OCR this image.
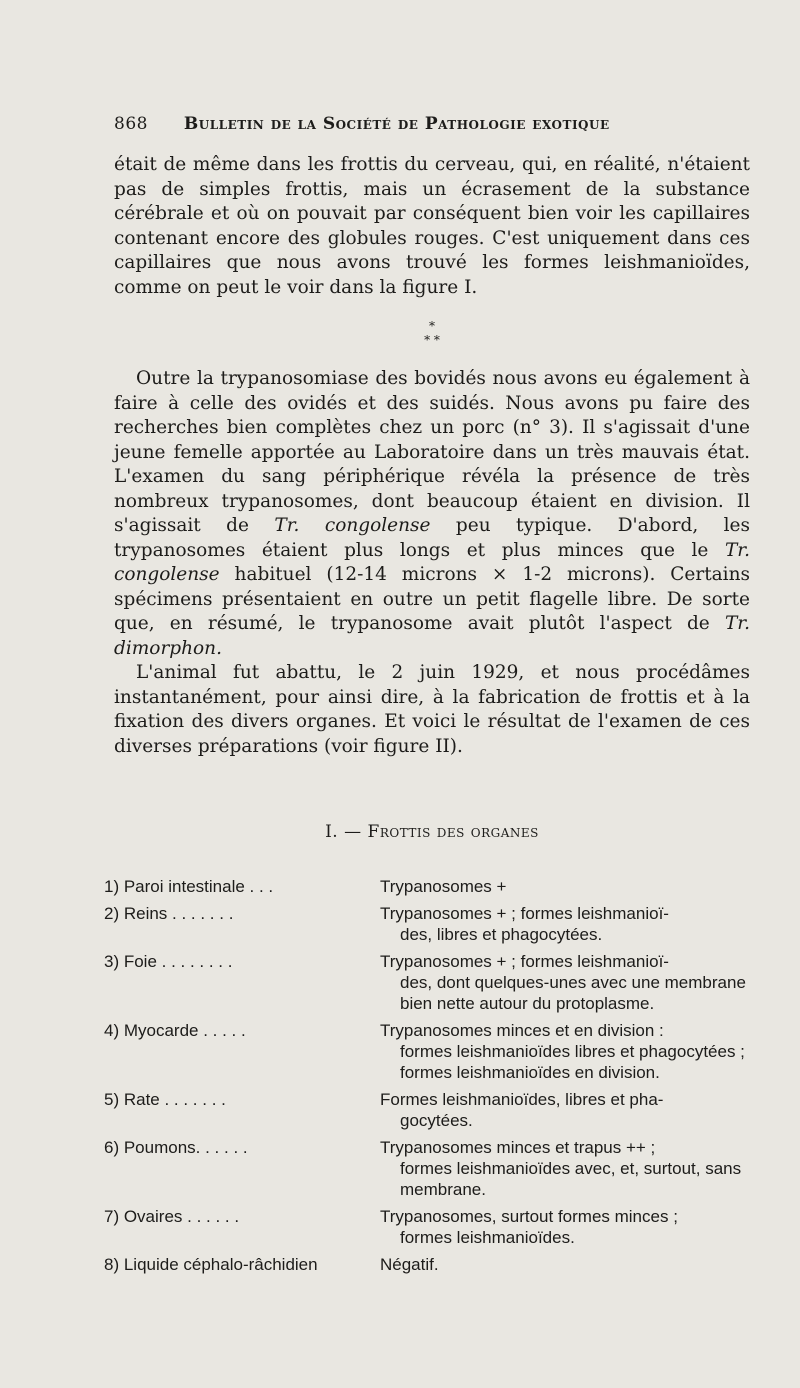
868 Bulletin de la Société de Pathologie exotique

était de même dans les frottis du cerveau, qui, en réalité, n'étaient pas de simples frottis, mais un écrasement de la substance cérébrale et où on pouvait par conséquent bien voir les capillaires contenant encore des globules rouges. C'est uniquement dans ces capillaires que nous avons trouvé les formes leishmanioïdes, comme on peut le voir dans la figure I.

*
* *

Outre la trypanosomiase des bovidés nous avons eu également à faire à celle des ovidés et des suidés. Nous avons pu faire des recherches bien complètes chez un porc (n° 3). Il s'agissait d'une jeune femelle apportée au Laboratoire dans un très mauvais état. L'examen du sang périphérique révéla la présence de très nombreux trypanosomes, dont beaucoup étaient en division. Il s'agissait de Tr. congolense peu typique. D'abord, les trypanosomes étaient plus longs et plus minces que le Tr. congolense habituel (12-14 microns × 1-2 microns). Certains spécimens présentaient en outre un petit flagelle libre. De sorte que, en résumé, le trypanosome avait plutôt l'aspect de Tr. dimorphon.

L'animal fut abattu, le 2 juin 1929, et nous procédâmes instantanément, pour ainsi dire, à la fabrication de frottis et à la fixation des divers organes. Et voici le résultat de l'examen de ces diverses préparations (voir figure II).

I. — Frottis des organes
1) Paroi intestinale . . .	Trypanosomes +
2) Reins . . . . . . .	Trypanosomes + ; formes leishmanioï-
des, libres et phagocytées.
3) Foie . . . . . . . .	Trypanosomes + ; formes leishmanioï-
des, dont quelques-unes avec une membrane bien nette autour du protoplasme.
4) Myocarde . . . . .	Trypanosomes minces et en division :
formes leishmanioïdes libres et phagocytées ; formes leishmanioïdes en division.
5) Rate . . . . . . .	Formes leishmanioïdes, libres et pha-
gocytées.
6) Poumons. . . . . .	Trypanosomes minces et trapus ++ ;
formes leishmanioïdes avec, et, surtout, sans membrane.
7) Ovaires . . . . . .	Trypanosomes, surtout formes minces ;
formes leishmanioïdes.
8) Liquide céphalo-râchidien	Négatif.
